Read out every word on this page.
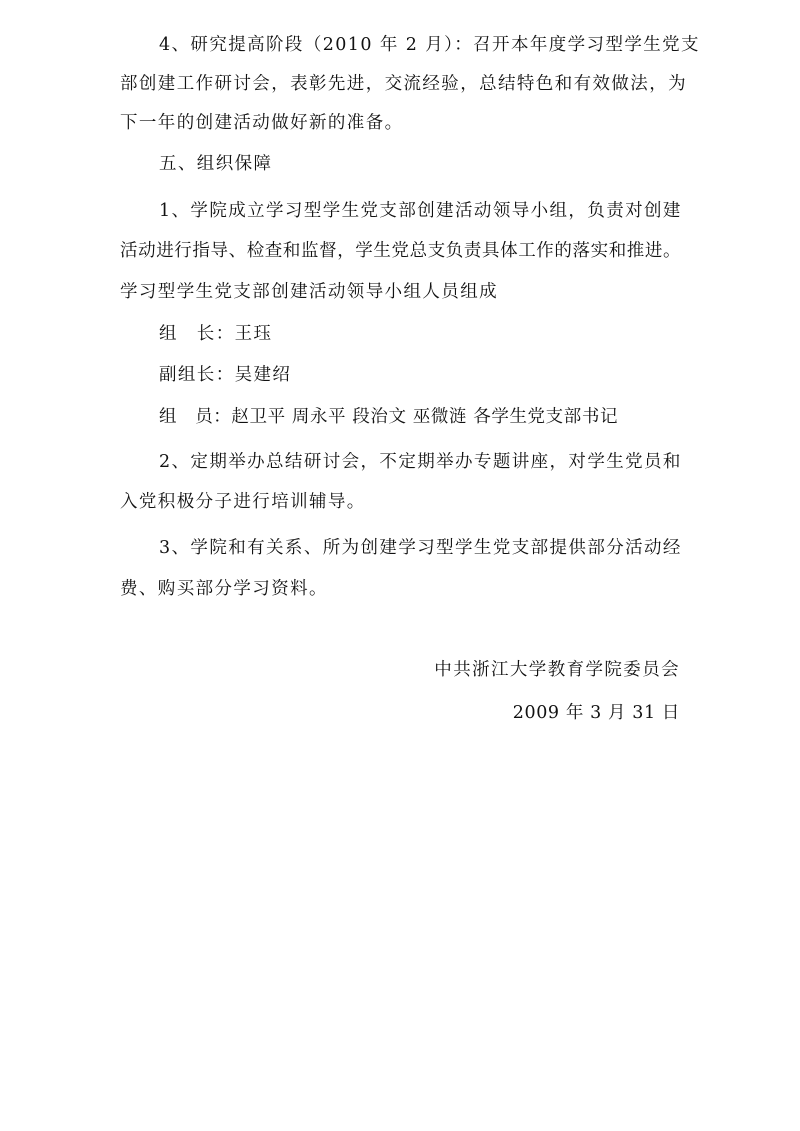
4、研究提高阶段（2010 年 2 月）：召开本年度学习型学生党支
部创建工作研讨会，表彰先进，交流经验，总结特色和有效做法，为
下一年的创建活动做好新的准备。
五、组织保障
1、学院成立学习型学生党支部创建活动领导小组，负责对创建
活动进行指导、检查和监督，学生党总支负责具体工作的落实和推进。
学习型学生党支部创建活动领导小组人员组成
组　长：王珏
副组长：吴建绍
组　员：赵卫平 周永平 段治文 巫微涟 各学生党支部书记
2、定期举办总结研讨会，不定期举办专题讲座，对学生党员和
入党积极分子进行培训辅导。
3、学院和有关系、所为创建学习型学生党支部提供部分活动经
费、购买部分学习资料。
中共浙江大学教育学院委员会
2009 年 3 月 31 日
